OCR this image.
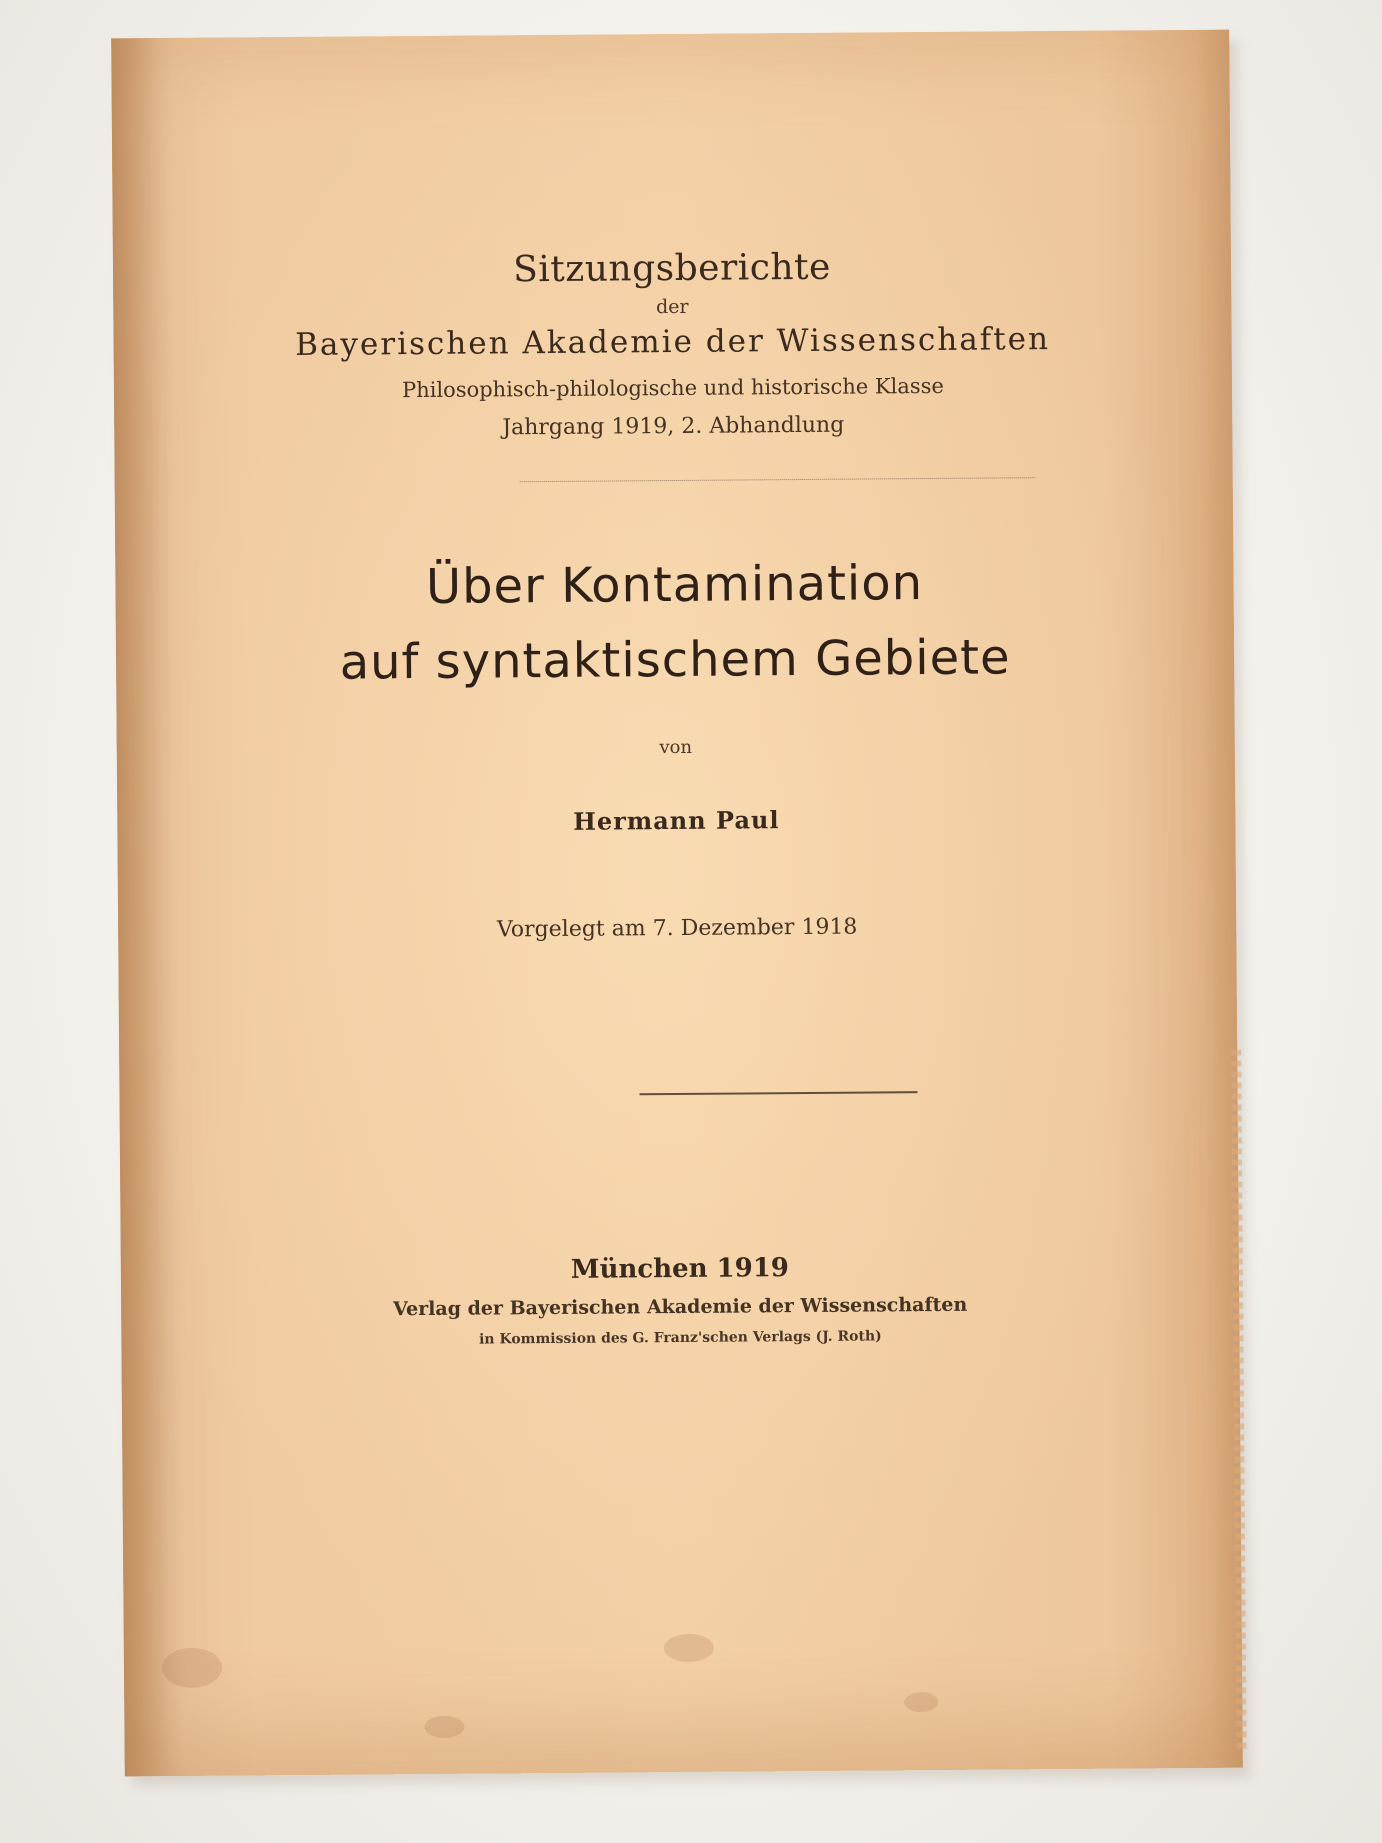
Sitzungsberichte
der
Bayerischen Akademie der Wissenschaften
Philosophisch-philologische und historische Klasse
Jahrgang 1919, 2. Abhandlung
Über Kontamination
auf syntaktischem Gebiete
von
Hermann Paul
Vorgelegt am 7. Dezember 1918
München 1919
Verlag der Bayerischen Akademie der Wissenschaften
in Kommission des G. Franz'schen Verlags (J. Roth)
